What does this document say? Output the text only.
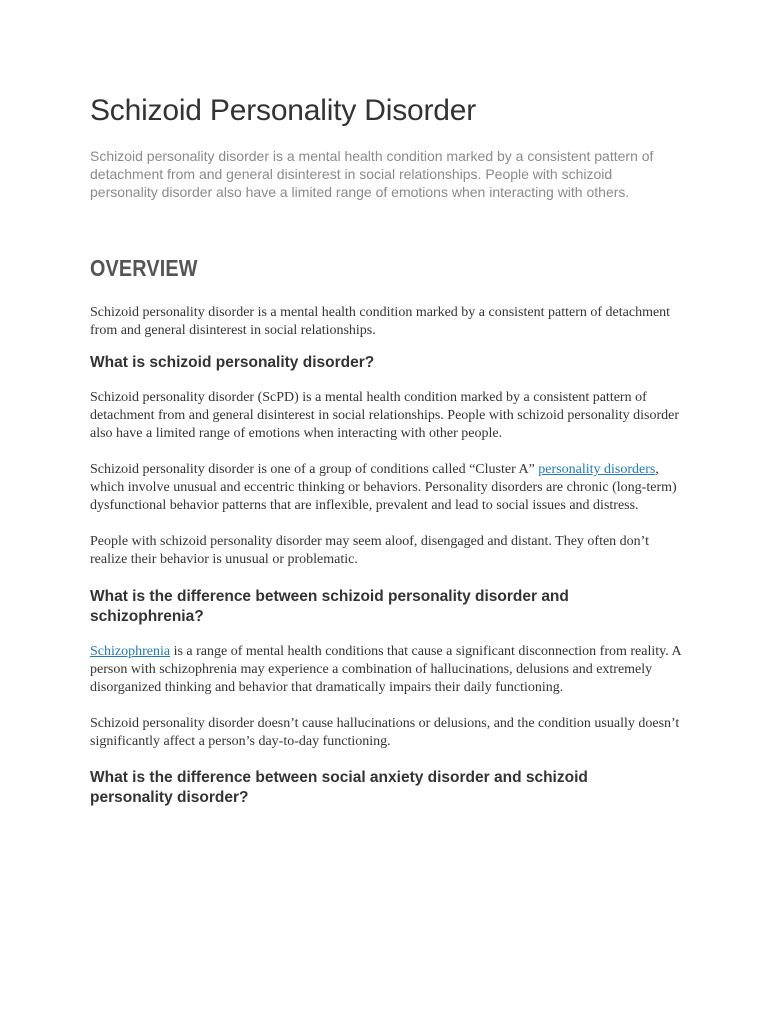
Schizoid Personality Disorder

Schizoid personality disorder is a mental health condition marked by a consistent pattern of detachment from and general disinterest in social relationships. People with schizoid personality disorder also have a limited range of emotions when interacting with others.

OVERVIEW

Schizoid personality disorder is a mental health condition marked by a consistent pattern of detachment from and general disinterest in social relationships.

What is schizoid personality disorder?

Schizoid personality disorder (ScPD) is a mental health condition marked by a consistent pattern of detachment from and general disinterest in social relationships. People with schizoid personality disorder also have a limited range of emotions when interacting with other people.

Schizoid personality disorder is one of a group of conditions called “Cluster A” personality disorders, which involve unusual and eccentric thinking or behaviors. Personality disorders are chronic (long-term) dysfunctional behavior patterns that are inflexible, prevalent and lead to social issues and distress.

People with schizoid personality disorder may seem aloof, disengaged and distant. They often don’t realize their behavior is unusual or problematic.

What is the difference between schizoid personality disorder and schizophrenia?

Schizophrenia is a range of mental health conditions that cause a significant disconnection from reality. A person with schizophrenia may experience a combination of hallucinations, delusions and extremely disorganized thinking and behavior that dramatically impairs their daily functioning.

Schizoid personality disorder doesn’t cause hallucinations or delusions, and the condition usually doesn’t significantly affect a person’s day-to-day functioning.

What is the difference between social anxiety disorder and schizoid personality disorder?
